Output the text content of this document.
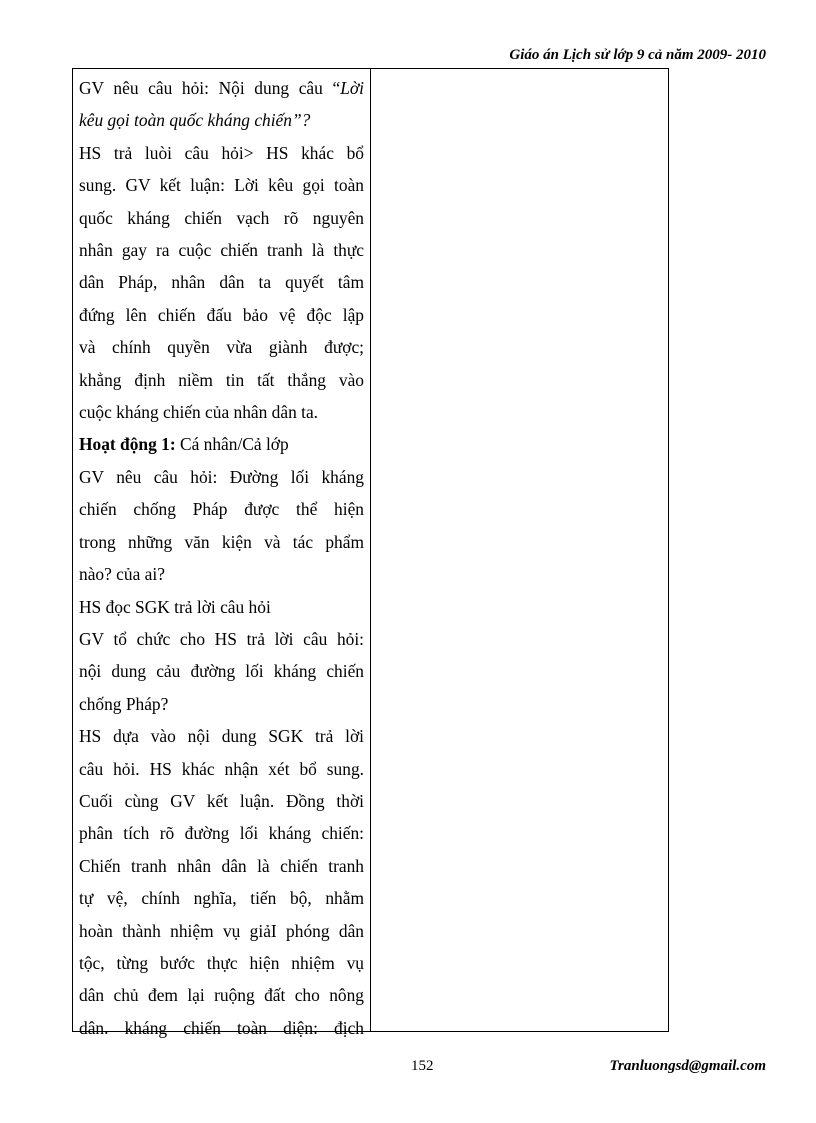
Giáo án Lịch sử lớp 9 cả năm 2009- 2010

GV nêu câu hỏi: Nội dung câu “Lời

kêu gọi toàn quốc kháng chiến”?

HS trả luòi câu hỏi> HS khác bổ

sung. GV kết luận: Lời kêu gọi toàn

quốc kháng chiến vạch rõ nguyên

nhân gay ra cuộc chiến tranh là thực

dân Pháp, nhân dân ta quyết tâm

đứng lên chiến đấu bảo vệ độc lập

và chính quyền vừa giành được;

khẳng định niềm tin tất thắng vào

cuộc kháng chiến của nhân dân ta.

Hoạt động 1: Cá nhân/Cả lớp

GV nêu câu hỏi: Đường lối kháng

chiến chống Pháp được thể hiện

trong những văn kiện và tác phẩm

nào? của ai?

HS đọc SGK trả lời câu hỏi

GV tổ chức cho HS trả lời câu hỏi:

nội dung cảu đường lối kháng chiến

chống Pháp?

HS dựa vào nội dung SGK trả lời

câu hỏi. HS khác nhận xét bổ sung.

Cuối cùng GV kết luận. Đồng thời

phân tích rõ đường lối kháng chiến:

Chiến tranh nhân dân là chiến tranh

tự vệ, chính nghĩa, tiến bộ, nhằm

hoàn thành nhiệm vụ giảI phóng dân

tộc, từng bước thực hiện nhiệm vụ

dân chủ đem lại ruộng đất cho nông

dân. kháng chiến toàn diện: địch

152	Tranluongsd@gmail.com
